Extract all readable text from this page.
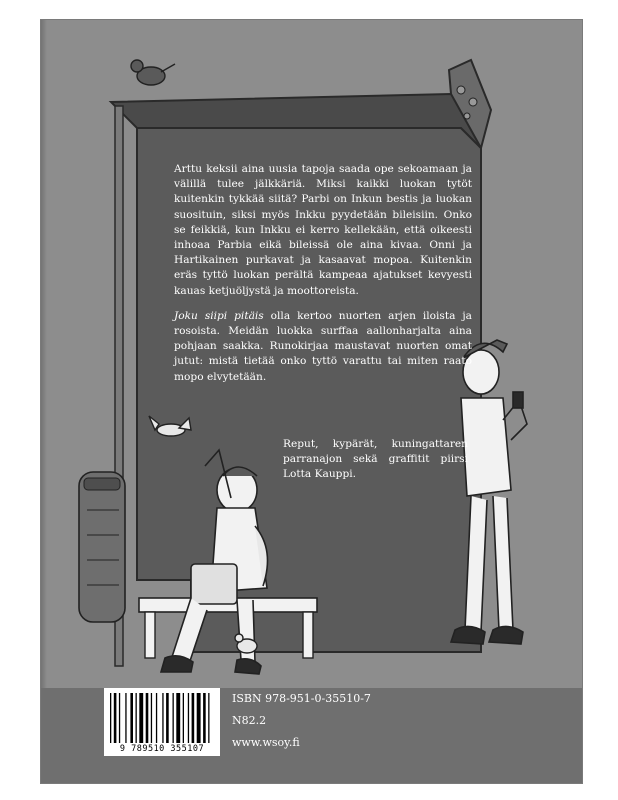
Arttu keksii aina uusia tapoja saada ope sekoamaan ja välillä tulee jälkkäriä. Miksi kaikki luokan tytöt kuitenkin tykkää siitä? Parbi on Inkun bestis ja luokan suosituin, siksi myös Inkku pyydetään bileisiin. Onko se feikkiä, kun Inkku ei kerro kellekään, että oikeesti inhoaa Parbia eikä bileissä ole aina kivaa. Onni ja Hartikainen purkavat ja kasaavat mopoa. Kuitenkin eräs tyttö luokan perältä kampeaa ajatukset kevyesti kauas ketjuöljystä ja moottoreista.

Joku siipi pitäis olla kertoo nuorten arjen iloista ja rosoista. Meidän luokka surffaa aallonharjalta aina pohjaan saakka. Runokirjaa maustavat nuorten omat jutut: mistä tietää onko tyttö varattu tai miten raato mopo elvytetään.

Reput, kypärät, kuningattaren parranajon sekä graffitit piirsi Lotta Kauppi.
9 789510 355107
ISBN 978-951-0-35510-7
N82.2
www.wsoy.fi
